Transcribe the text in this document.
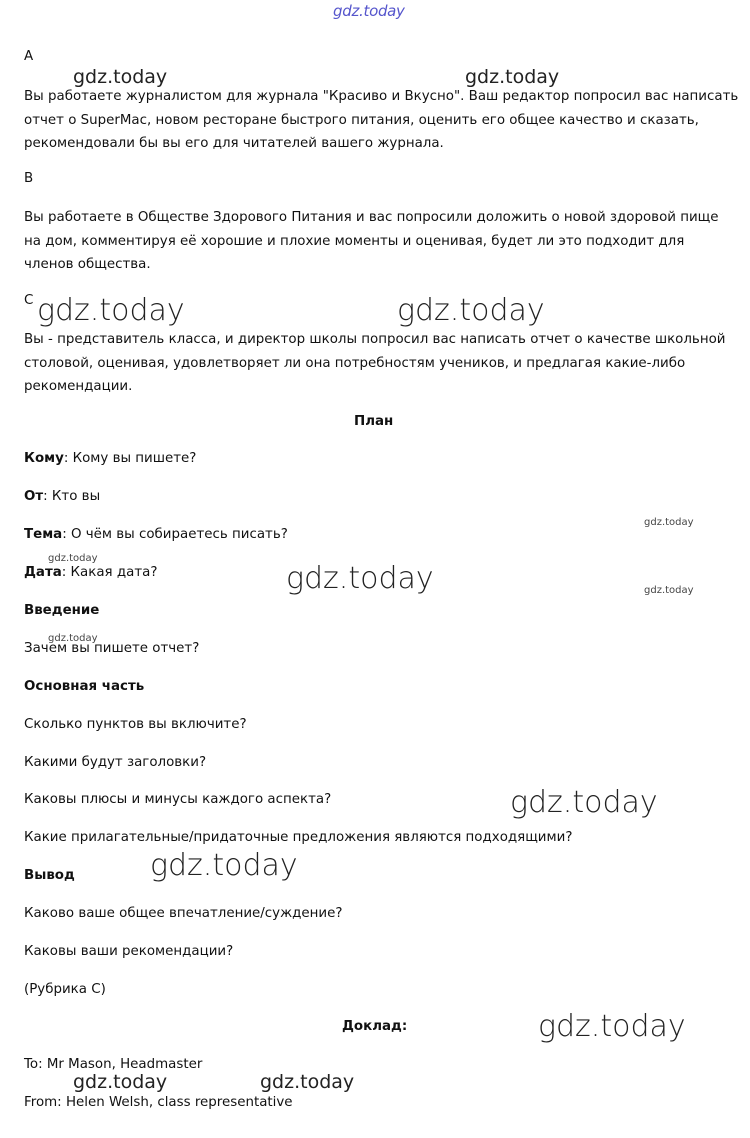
gdz.today
A
Вы работаете журналистом для журнала "Красиво и Вкусно". Ваш редактор попросил вас написать
отчет о SuperMac, новом ресторане быстрого питания, оценить его общее качество и сказать,
рекомендовали бы вы его для читателей вашего журнала.
B
Вы работаете в Обществе Здорового Питания и вас попросили доложить о новой здоровой пище
на дом, комментируя её хорошие и плохие моменты и оценивая, будет ли это подходит для
членов общества.
C
Вы - представитель класса, и директор школы попросил вас написать отчет о качестве школьной
столовой, оценивая, удовлетворяет ли она потребностям учеников, и предлагая какие-либо
рекомендации.
План
Кому: Кому вы пишете?
От: Кто вы
Тема: О чём вы собираетесь писать?
Дата: Какая дата?
Введение
Зачем вы пишете отчет?
Основная часть
Сколько пунктов вы включите?
Какими будут заголовки?
Каковы плюсы и минусы каждого аспекта?
Какие прилагательные/придаточные предложения являются подходящими?
Вывод
Каково ваше общее впечатление/суждение?
Каковы ваши рекомендации?
(Рубрика С)
Доклад:
To: Mr Mason, Headmaster
From: Helen Welsh, class representative
gdz.today	gdz.today
gdz.today	gdz.today
gdz.today
gdz.today
gdz.today	gdz.today
gdz.today
gdz.today
gdz.today
gdz.today
gdz.today	gdz.today
